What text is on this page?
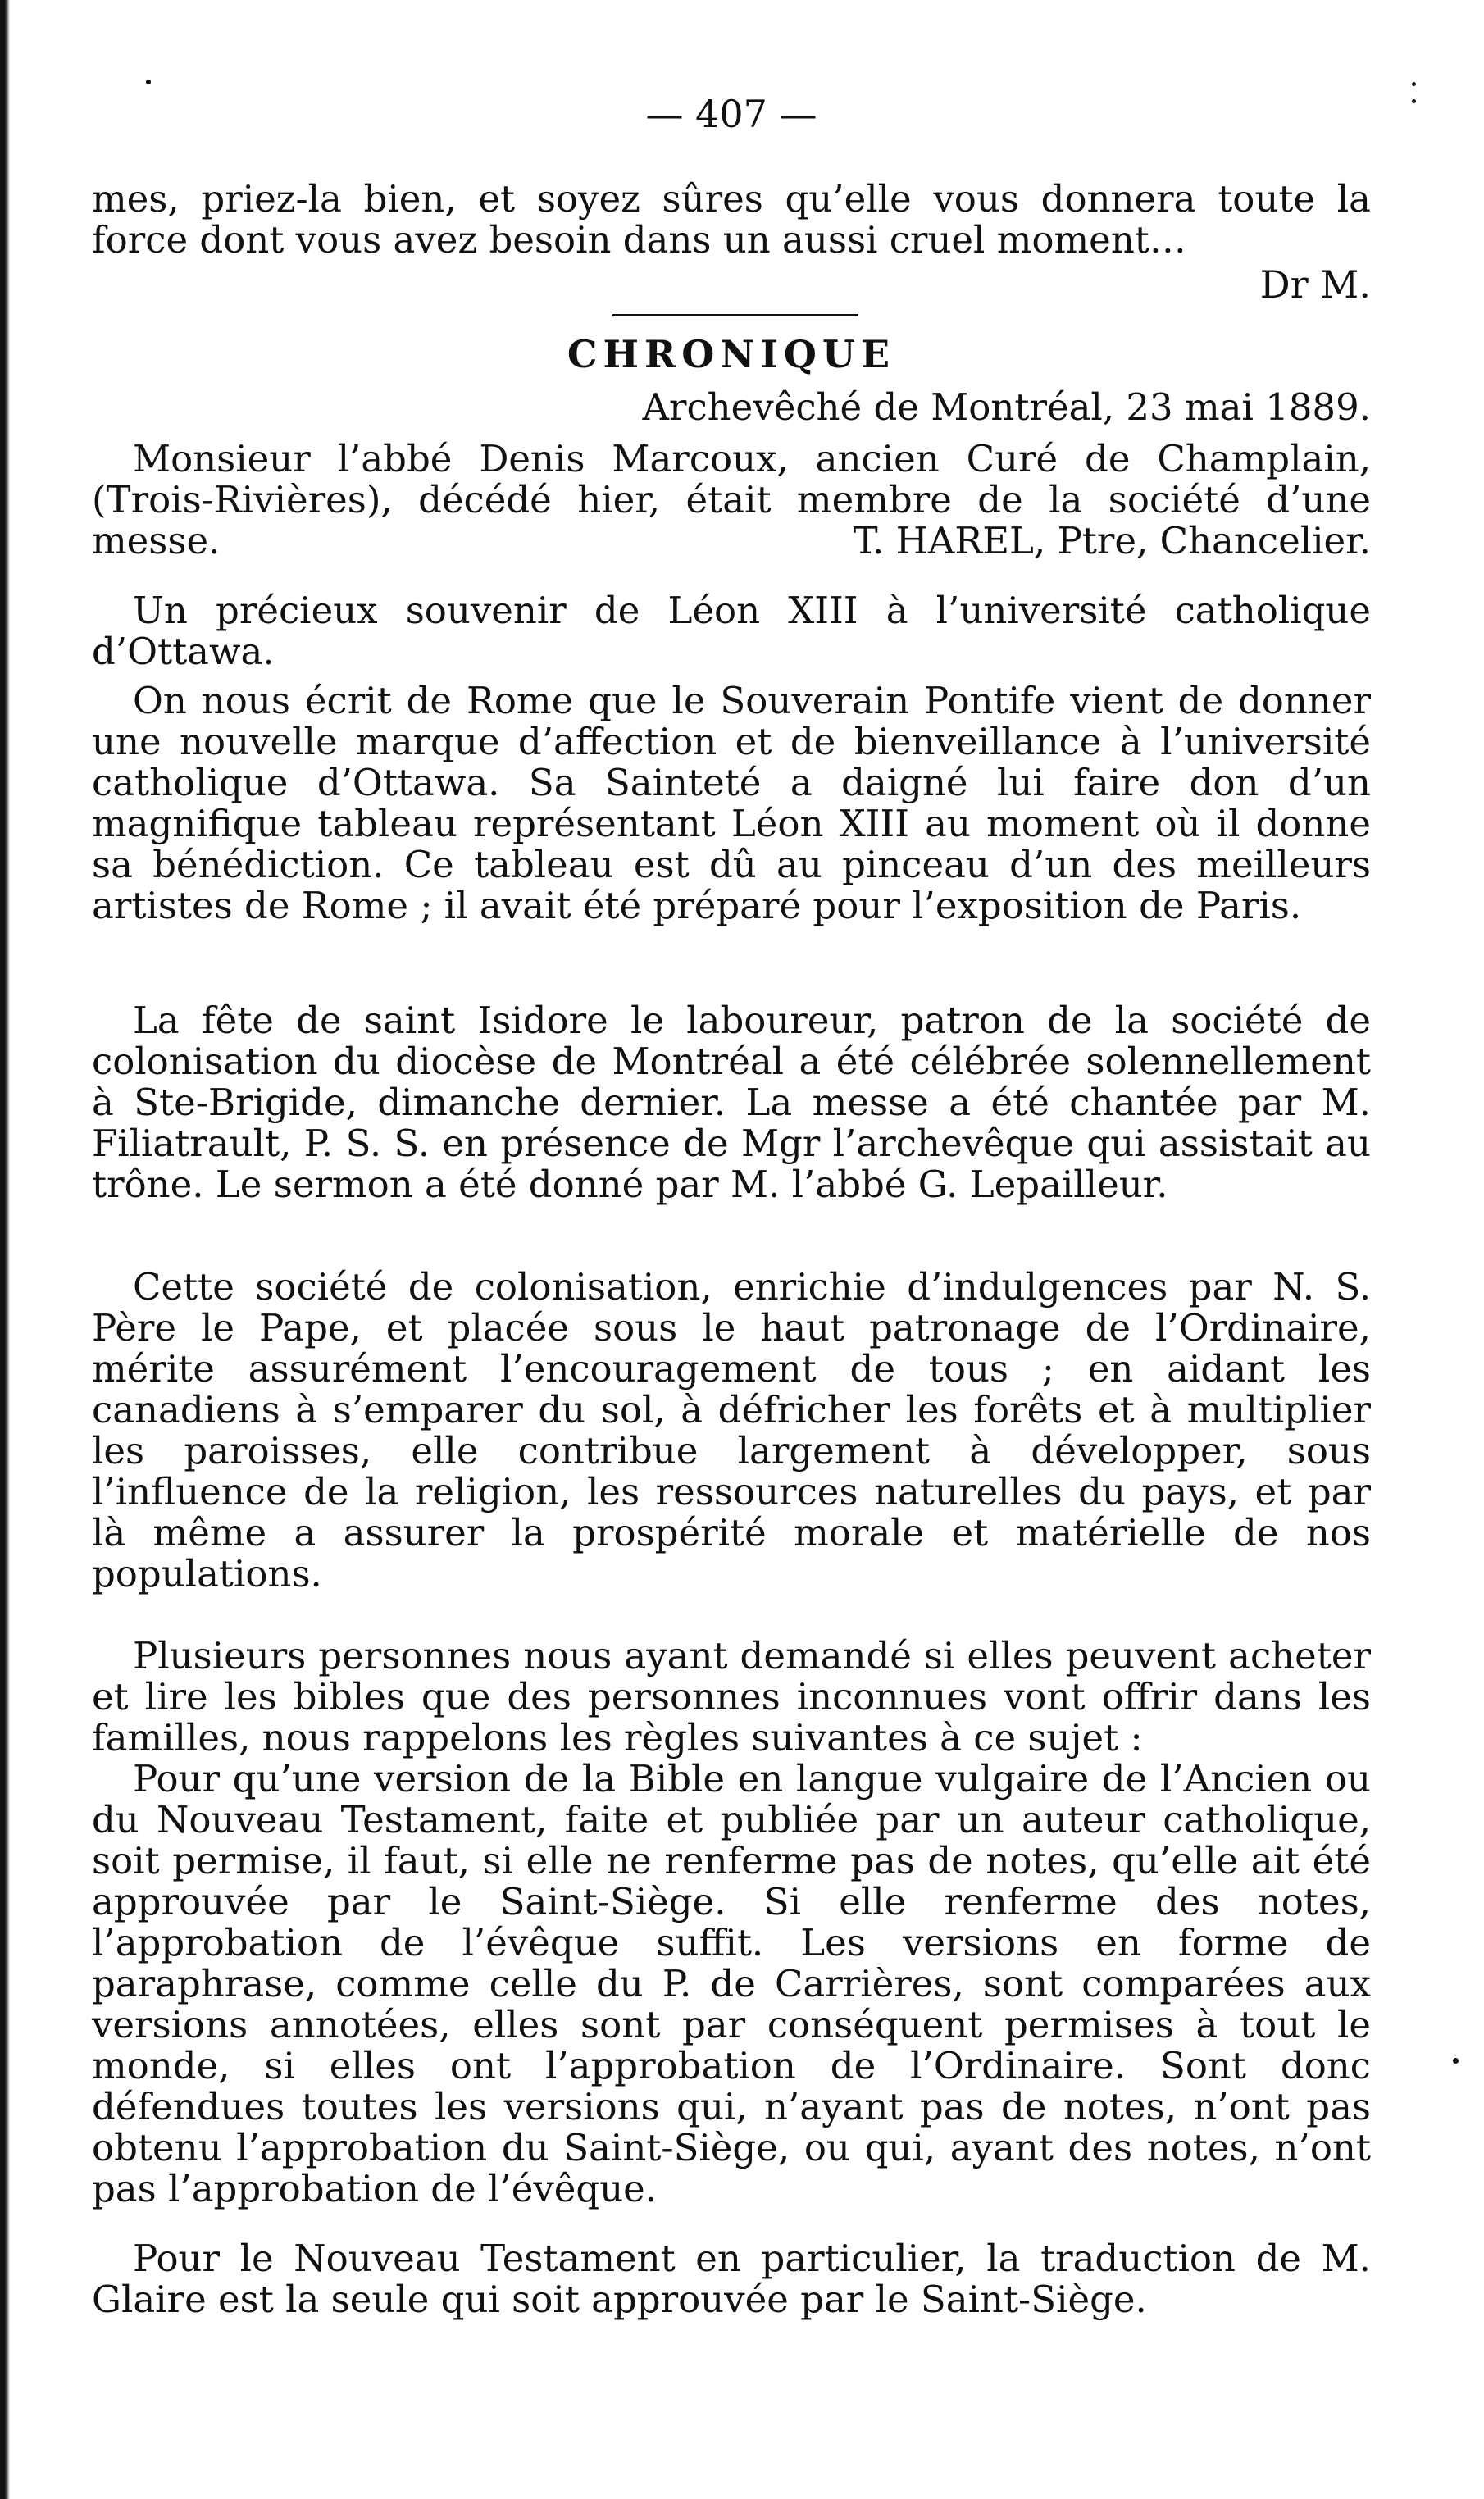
— 407 —

mes, priez-la bien, et soyez sûres qu’elle vous donnera toute la force dont vous avez besoin dans un aussi cruel moment…

Dr M.
CHRONIQUE
Archevêché de Montréal, 23 mai 1889.

Monsieur l’abbé Denis Marcoux, ancien Curé de Champlain, (Trois-Rivières), décédé hier, était membre de la société d’une messe.	T. HAREL, Ptre, Chancelier.

Un précieux souvenir de Léon XIII à l’université catholique d’Ottawa.

On nous écrit de Rome que le Souverain Pontife vient de donner une nouvelle marque d’affection et de bienveillance à l’université catholique d’Ottawa. Sa Sainteté a daigné lui faire don d’un magnifique tableau représentant Léon XIII au moment où il donne sa bénédiction. Ce tableau est dû au pinceau d’un des meilleurs artistes de Rome ; il avait été préparé pour l’exposition de Paris.

La fête de saint Isidore le laboureur, patron de la société de colonisation du diocèse de Montréal a été célébrée solennellement à Ste-Brigide, dimanche dernier. La messe a été chantée par M. Filiatrault, P. S. S. en présence de Mgr l’archevêque qui assistait au trône. Le sermon a été donné par M. l’abbé G. Lepailleur.

Cette société de colonisation, enrichie d’indulgences par N. S. Père le Pape, et placée sous le haut patronage de l’Ordinaire, mérite assurément l’encouragement de tous ; en aidant les canadiens à s’emparer du sol, à défricher les forêts et à multiplier les paroisses, elle contribue largement à développer, sous l’influence de la religion, les ressources naturelles du pays, et par là même a assurer la prospérité morale et matérielle de nos populations.

Plusieurs personnes nous ayant demandé si elles peuvent acheter et lire les bibles que des personnes inconnues vont offrir dans les familles, nous rappelons les règles suivantes à ce sujet :

Pour qu’une version de la Bible en langue vulgaire de l’Ancien ou du Nouveau Testament, faite et publiée par un auteur catholique, soit permise, il faut, si elle ne renferme pas de notes, qu’elle ait été approuvée par le Saint-Siège. Si elle renferme des notes, l’approbation de l’évêque suffit. Les versions en forme de paraphrase, comme celle du P. de Carrières, sont comparées aux versions annotées, elles sont par conséquent permises à tout le monde, si elles ont l’approbation de l’Ordinaire. Sont donc défendues toutes les versions qui, n’ayant pas de notes, n’ont pas obtenu l’approbation du Saint-Siège, ou qui, ayant des notes, n’ont pas l’approbation de l’évêque.

Pour le Nouveau Testament en particulier, la traduction de M. Glaire est la seule qui soit approuvée par le Saint-Siège.
